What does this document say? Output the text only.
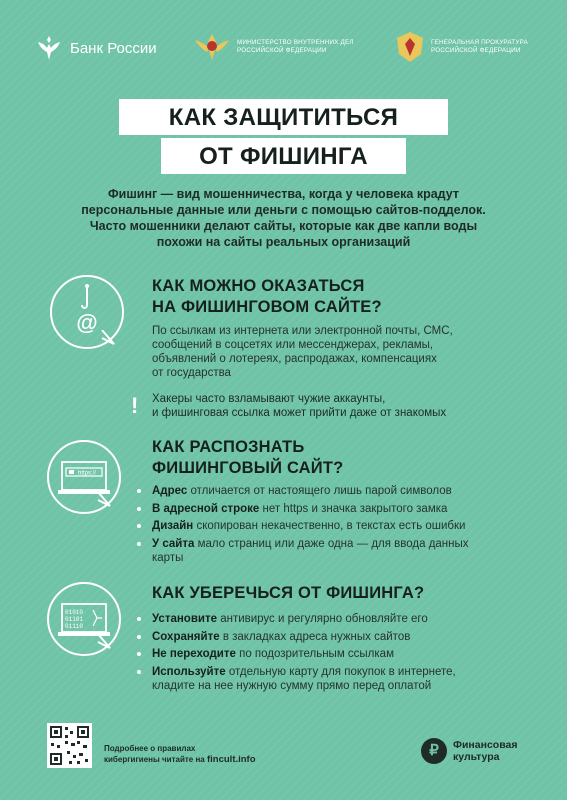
Банк России	МИНИСТЕРСТВО ВНУТРЕННИХ ДЕЛ
РОССИЙСКОЙ ФЕДЕРАЦИИ
ГЕНЕРАЛЬНАЯ ПРОКУРАТУРА
РОССИЙСКОЙ ФЕДЕРАЦИИ
КАК ЗАЩИТИТЬСЯ
ОТ ФИШИНГА
Фишинг — вид мошенничества, когда у человека крадут
персональные данные или деньги с помощью сайтов-подделок.
Часто мошенники делают сайты, которые как две капли воды
похожи на сайты реальных организаций
@
КАК МОЖНО ОКАЗАТЬСЯ
НА ФИШИНГОВОМ САЙТЕ?
По ссылкам из интернета или электронной почты, СМС,
сообщений в соцсетях или мессенджерах, рекламы,
объявлений о лотереях, распродажах, компенсациях
от государства
! Хакеры часто взламывают чужие аккаунты,
и фишинговая ссылка может прийти даже от знакомых
https://
КАК РАСПОЗНАТЬ
ФИШИНГОВЫЙ САЙТ?
Адрес отличается от настоящего лишь парой символов
В адресной строке нет https и значка закрытого замка
Дизайн скопирован некачественно, в текстах есть ошибки
У сайта мало страниц или даже одна — для ввода данных
карты
01010
01101
01110
КАК УБЕРЕЧЬСЯ ОТ ФИШИНГА?
Установите антивирус и регулярно обновляйте его
Сохраняйте в закладках адреса нужных сайтов
Не переходите по подозрительным ссылкам
Используйте отдельную карту для покупок в интернете,
кладите на нее нужную сумму прямо перед оплатой
Подробнее о правилах
кибергигиены читайте на fincult.info
₽	Финансовая
культура
